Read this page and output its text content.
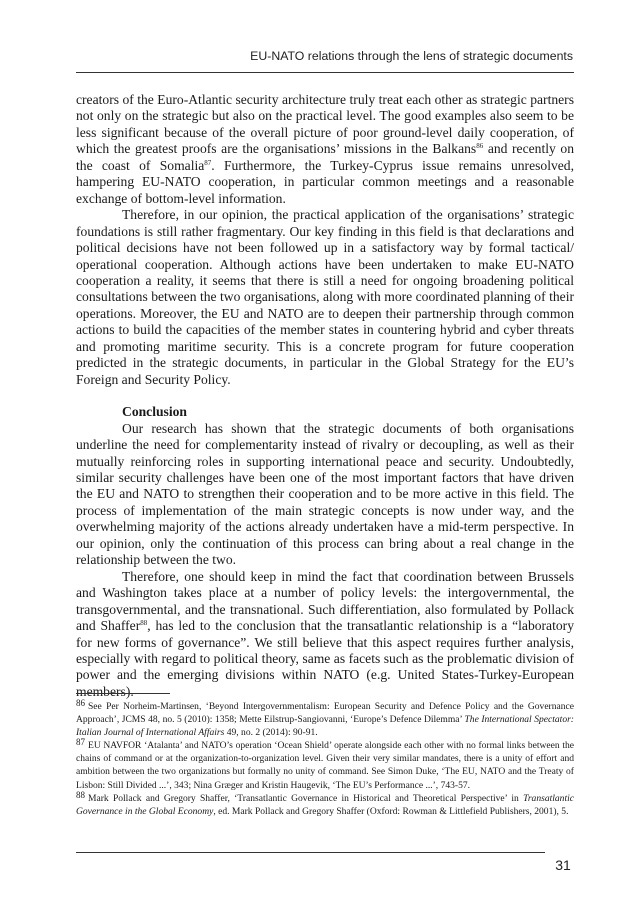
EU-NATO relations through the lens of strategic documents

creators of the Euro-Atlantic security architecture truly treat each other as strategic partners not only on the strategic but also on the practical level. The good examples also seem to be less significant because of the overall picture of poor ground-level daily cooperation, of which the greatest proofs are the organisations’ missions in the Balkans$^{86}$ and recently on the coast of Somalia$^{87}$. Furthermore, the Turkey-Cyprus issue remains unresolved, hampering EU-NATO cooperation, in particular common meetings and a reasonable exchange of bottom-level information.

Therefore, in our opinion, the practical application of the organisations’ strategic foundations is still rather fragmentary. Our key finding in this field is that declarations and political decisions have not been followed up in a satisfactory way by formal tactical/ operational cooperation. Although actions have been undertaken to make EU-NATO cooperation a reality, it seems that there is still a need for ongoing broadening political consultations between the two organisations, along with more coordinated planning of their operations. Moreover, the EU and NATO are to deepen their partnership through common actions to build the capacities of the member states in countering hybrid and cyber threats and promoting maritime security. This is a concrete program for future cooperation predicted in the strategic documents, in particular in the Global Strategy for the EU’s Foreign and Security Policy.

Conclusion

Our research has shown that the strategic documents of both organisations underline the need for complementarity instead of rivalry or decoupling, as well as their mutually reinforcing roles in supporting international peace and security. Undoubtedly, similar security challenges have been one of the most important factors that have driven the EU and NATO to strengthen their cooperation and to be more active in this field. The process of implementation of the main strategic concepts is now under way, and the overwhelming majority of the actions already undertaken have a mid-term perspective. In our opinion, only the continuation of this process can bring about a real change in the relationship between the two.

Therefore, one should keep in mind the fact that coordination between Brussels and Washington takes place at a number of policy levels: the intergovernmental, the transgovernmental, and the transnational. Such differentiation, also formulated by Pollack and Shaffer$^{88}$, has led to the conclusion that the transatlantic relationship is a “laboratory for new forms of governance”. We still believe that this aspect requires further analysis, especially with regard to political theory, same as facets such as the problematic division of power and the emerging divisions within NATO (e.g. United States-Turkey-European members).

86 See Per Norheim-Martinsen, ‘Beyond Intergovernmentalism: European Security and Defence Policy and the Governance Approach’, JCMS 48, no. 5 (2010): 1358; Mette Eilstrup-Sangiovanni, ‘Europe’s Defence Dilemma’ The International Spectator: Italian Journal of International Affairs 49, no. 2 (2014): 90-91.

87 EU NAVFOR ‘Atalanta’ and NATO’s operation ‘Ocean Shield’ operate alongside each other with no formal links between the chains of command or at the organization-to-organization level. Given their very similar mandates, there is a unity of effort and ambition between the two organizations but formally no unity of command. See Simon Duke, ‘The EU, NATO and the Treaty of Lisbon: Still Divided ...’, 343; Nina Græger and Kristin Haugevik, ‘The EU’s Performance ...’, 743-57.

88 Mark Pollack and Gregory Shaffer, ‘Transatlantic Governance in Historical and Theoretical Perspective’ in Transatlantic Governance in the Global Economy, ed. Mark Pollack and Gregory Shaffer (Oxford: Rowman & Littlefield Publishers, 2001), 5.

31
